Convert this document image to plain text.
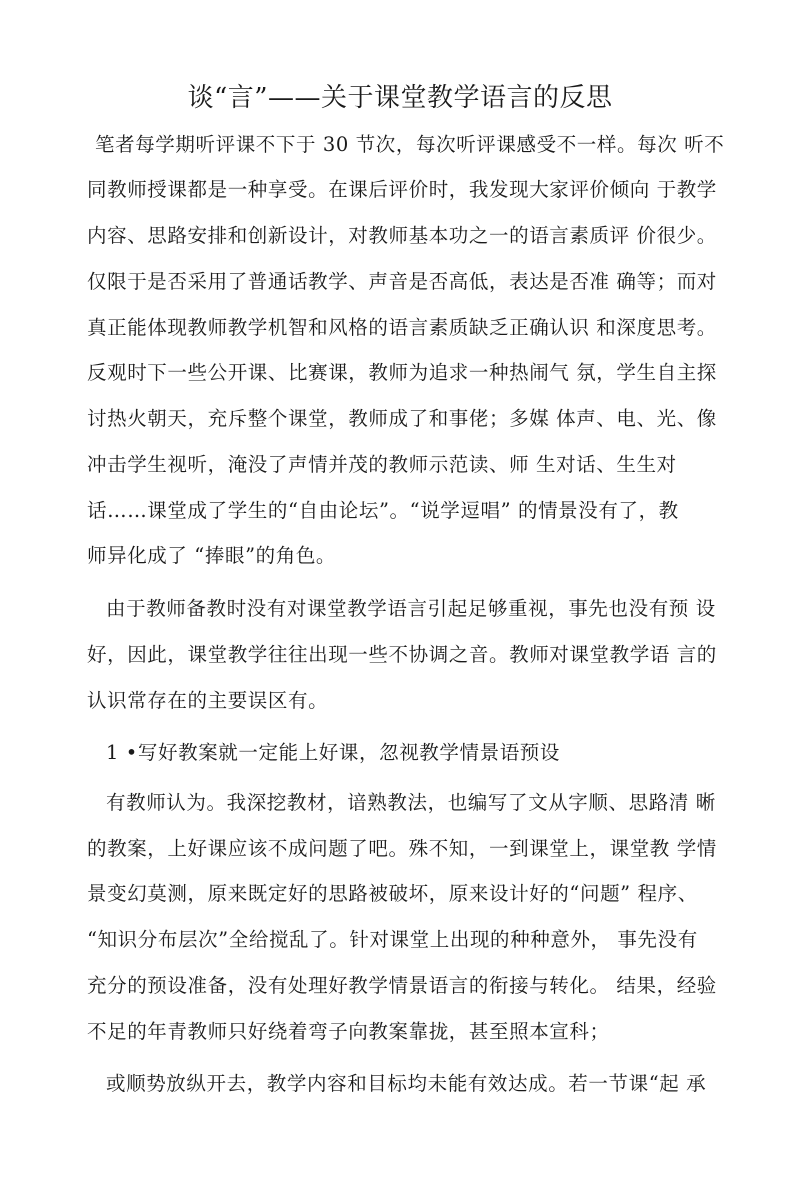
谈“言”——关于课堂教学语言的反思
笔者每学期听评课不下于 30 节次，每次听评课感受不一样。每次 听不
同教师授课都是一种享受。在课后评价时，我发现大家评价倾向 于教学
内容、思路安排和创新设计，对教师基本功之一的语言素质评 价很少。
仅限于是否采用了普通话教学、声音是否高低，表达是否准 确等；而对
真正能体现教师教学机智和风格的语言素质缺乏正确认识 和深度思考。
反观时下一些公开课、比赛课，教师为追求一种热闹气 氛，学生自主探
讨热火朝天，充斥整个课堂，教师成了和事佬；多媒 体声、电、光、像
冲击学生视听，淹没了声情并茂的教师示范读、师 生对话、生生对
话……课堂成了学生的“自由论坛”。“说学逗唱” 的情景没有了，教
师异化成了 “捧眼”的角色。
由于教师备教时没有对课堂教学语言引起足够重视，事先也没有预 设
好，因此，课堂教学往往出现一些不协调之音。教师对课堂教学语 言的
认识常存在的主要误区有。
1 •写好教案就一定能上好课，忽视教学情景语预设
有教师认为。我深挖教材，谙熟教法，也编写了文从字顺、思路清 晰
的教案，上好课应该不成问题了吧。殊不知，一到课堂上，课堂教 学情
景变幻莫测，原来既定好的思路被破坏，原来设计好的“问题” 程序、
“知识分布层次”全给搅乱了。针对课堂上出现的种种意外， 事先没有
充分的预设准备，没有处理好教学情景语言的衔接与转化。 结果，经验
不足的年青教师只好绕着弯子向教案靠拢，甚至照本宣科；
或顺势放纵开去，教学内容和目标均未能有效达成。若一节课“起 承
